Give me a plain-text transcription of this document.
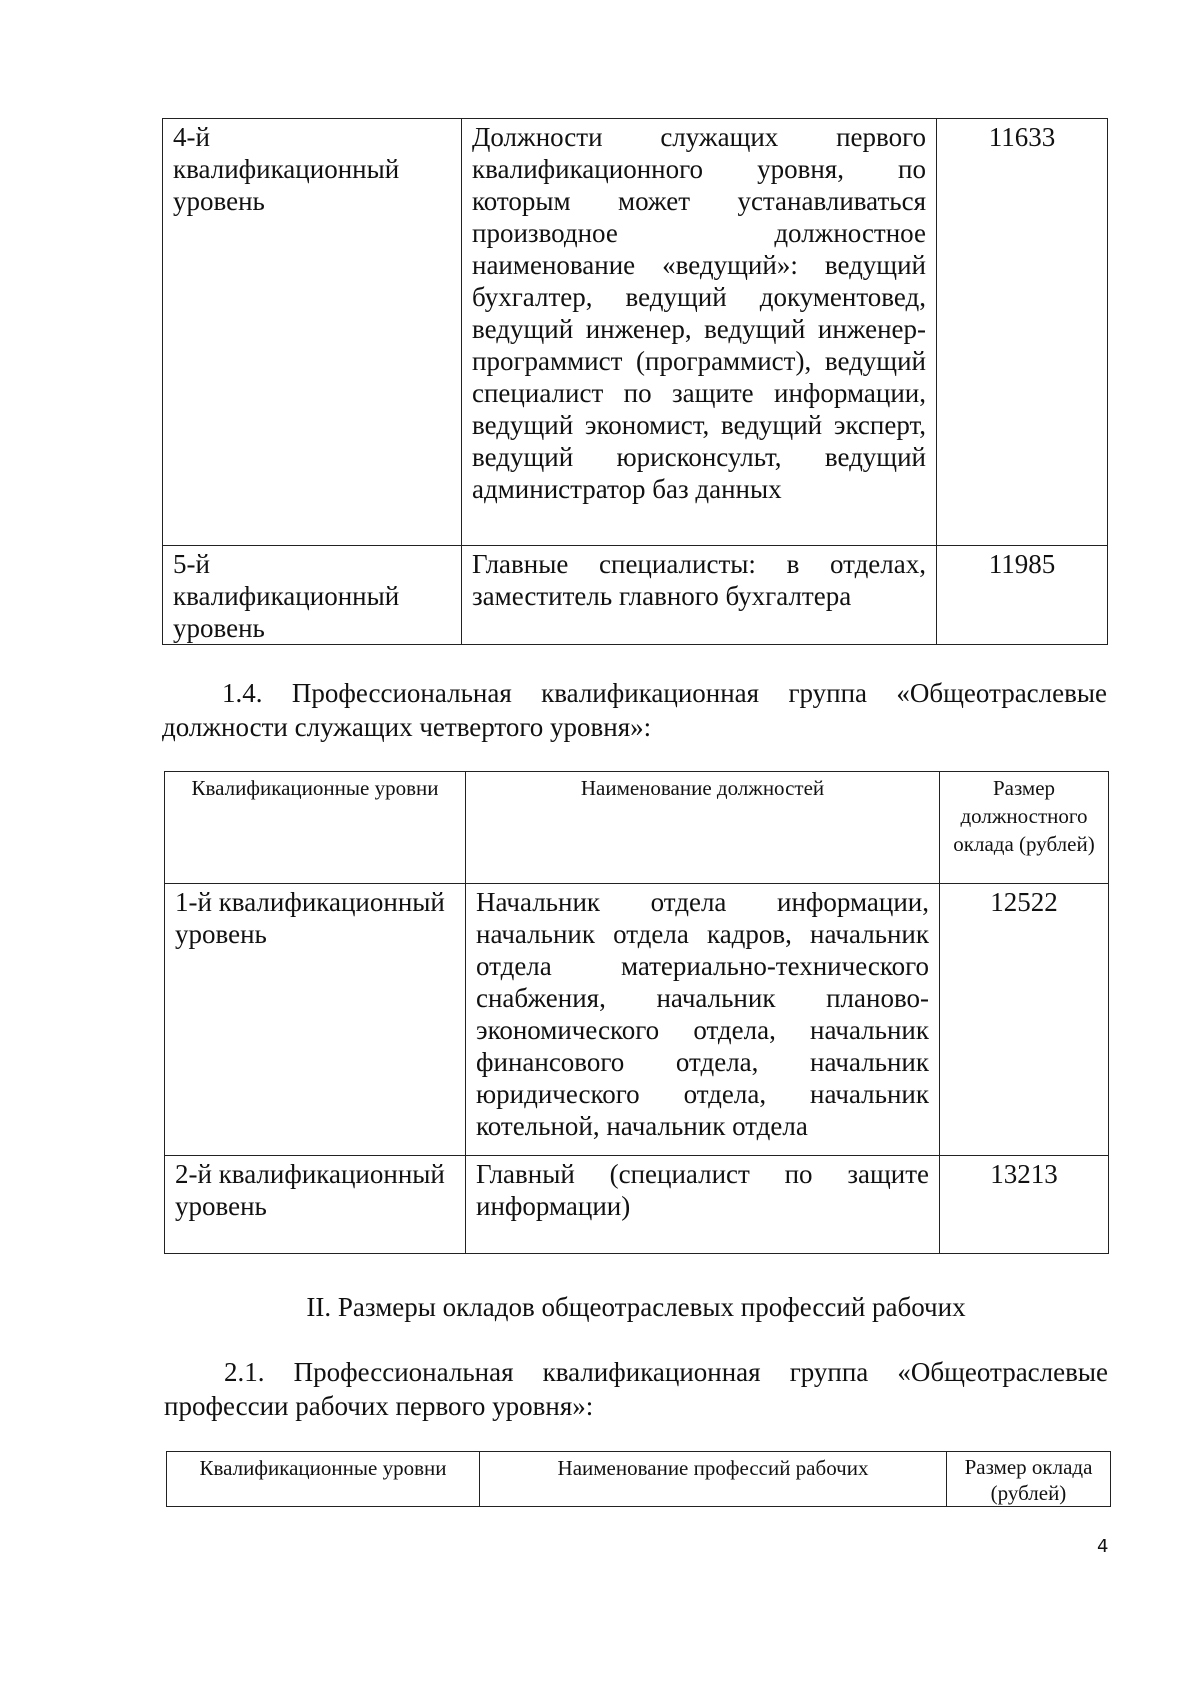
4-й квалификационный уровень	Должности служащих первого квалификационного уровня, по которым может устанавливаться производное должностное наименование «ведущий»: ведущий бухгалтер, ведущий документовед, ведущий инженер, ведущий инженер-программист (программист), ведущий специалист по защите информации, ведущий экономист, ведущий эксперт, ведущий юрисконсульт, ведущий администратор баз данных	11633
5-й квалификационный уровень	Главные специалисты: в отделах, заместитель главного бухгалтера	11985
1.4. Профессиональная квалификационная группа «Общеотраслевые должности служащих четвертого уровня»:
Квалификационные уровни	Наименование должностей	Размер должностного оклада (рублей)
1-й квалификационный уровень	Начальник отдела информации, начальник отдела кадров, начальник отдела материально-технического снабжения, начальник планово-экономического отдела, начальник финансового отдела, начальник юридического отдела, начальник котельной, начальник отдела	12522
2-й квалификационный уровень	Главный (специалист по защите информации)	13213
II. Размеры окладов общеотраслевых профессий рабочих
2.1. Профессиональная квалификационная группа «Общеотраслевые профессии рабочих первого уровня»:
Квалификационные уровни	Наименование профессий рабочих	Размер оклада (рублей)
4
